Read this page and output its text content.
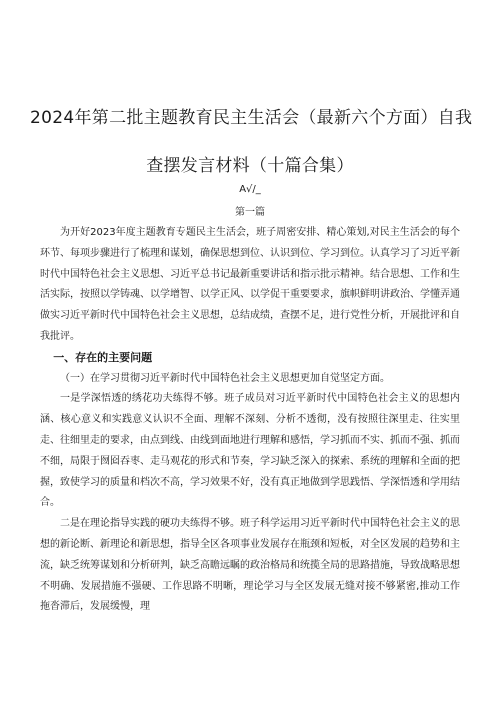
2024年第二批主题教育民主生活会（最新六个方面）自我
查摆发言材料（十篇合集）
A√/_
第一篇

为开好2023年度主题教育专题民主生活会，班子周密安排、精心策划,对民主生活会的每个环节、每项步骤进行了梳理和谋划，确保思想到位、认识到位、学习到位。认真学习了习近平新时代中国特色社会主义思想、习近平总书记最新重要讲话和指示批示精神。结合思想、工作和生活实际，按照以学铸魂、以学增智、以学正风、以学促干重要要求，旗帜鲜明讲政治、学懂弄通做实习近平新时代中国特色社会主义思想，总结成绩，查摆不足，进行党性分析，开展批评和自我批评。

一、存在的主要问题

（一）在学习贯彻习近平新时代中国特色社会主义思想更加自觉坚定方面。

一是学深悟透的绣花功夫练得不够。班子成员对习近平新时代中国特色社会主义的思想内涵、核心意义和实践意义认识不全面、理解不深刻、分析不透彻，没有按照往深里走、往实里走、往细里走的要求，由点到线、由线到面地进行理解和感悟，学习抓而不实、抓而不强、抓而不细，局限于囫囵吞枣、走马观花的形式和节奏，学习缺乏深入的探索、系统的理解和全面的把握，致使学习的质量和档次不高，学习效果不好，没有真正地做到学思践悟、学深悟透和学用结合。

二是在理论指导实践的硬功夫练得不够。班子科学运用习近平新时代中国特色社会主义的思想的新论断、新理论和新思想，指导全区各项事业发展存在瓶颈和短板，对全区发展的趋势和主流，缺乏统筹谋划和分析研判，缺乏高瞻远瞩的政治格局和统揽全局的思路措施，导致战略思想不明确、发展措施不强硬、工作思路不明晰，理论学习与全区发展无缝对接不够紧密,推动工作拖沓滞后，发展缓慢，理
